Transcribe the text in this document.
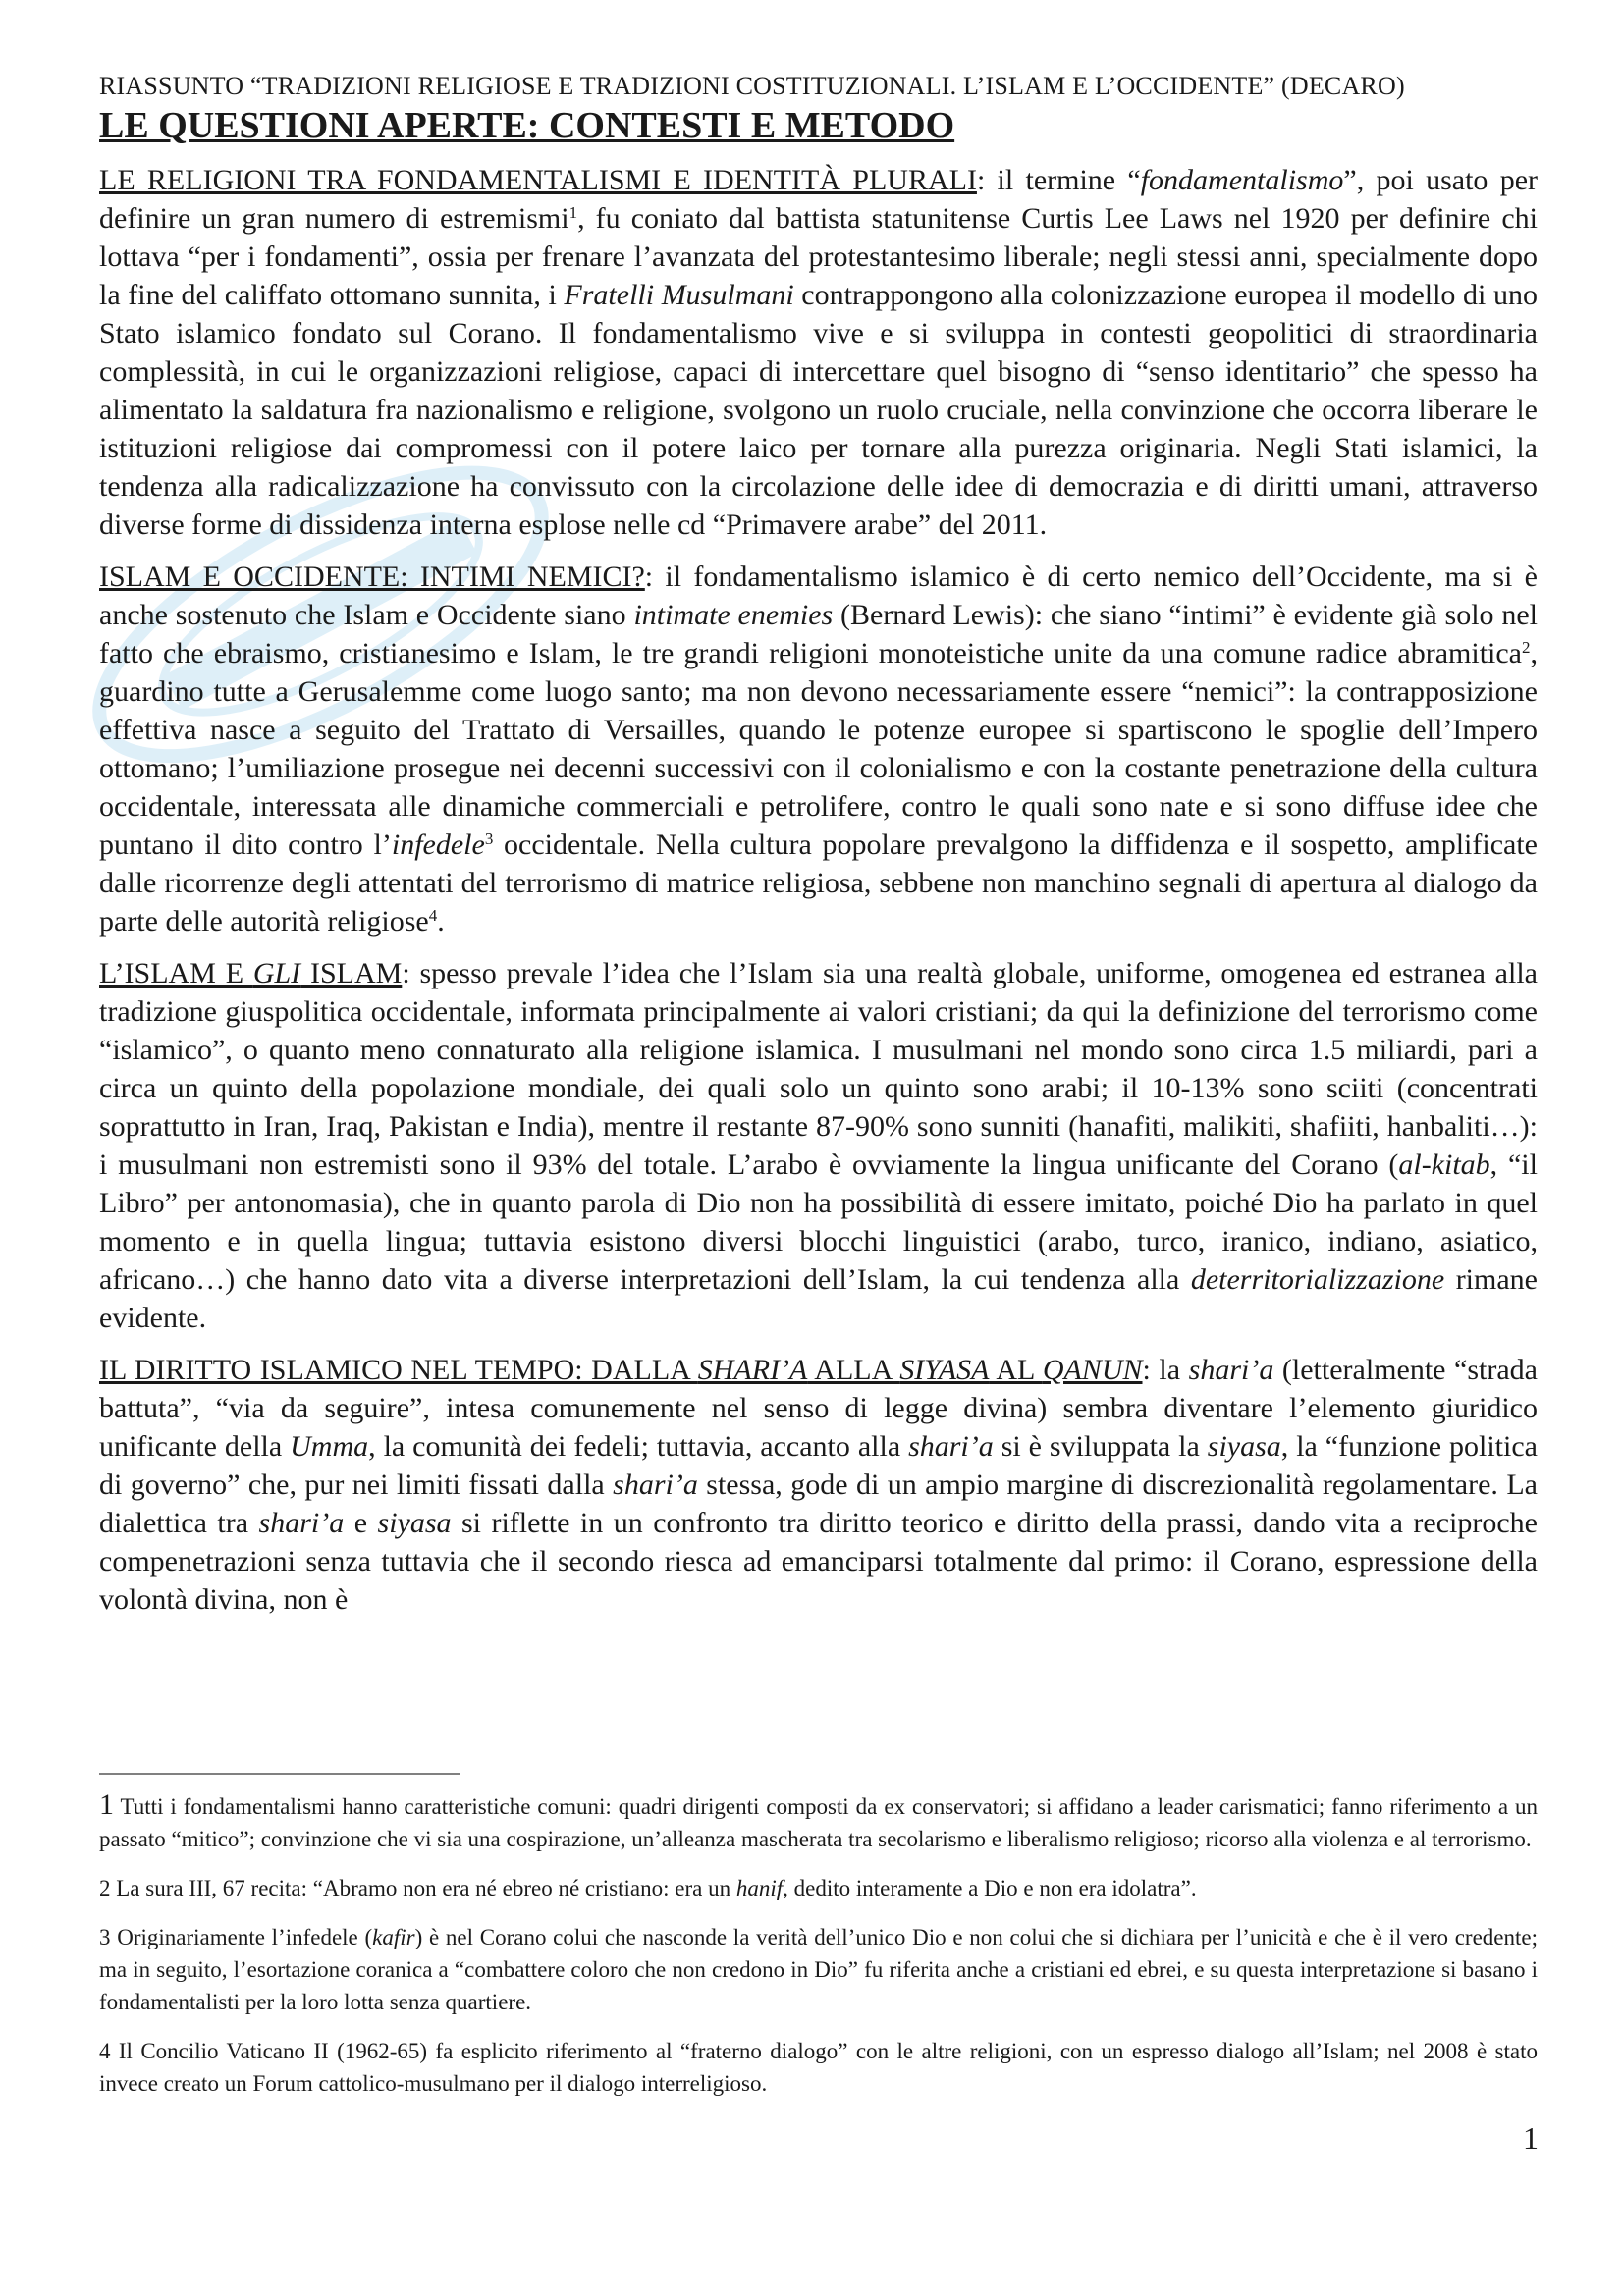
RIASSUNTO “TRADIZIONI RELIGIOSE E TRADIZIONI COSTITUZIONALI. L’ISLAM E L’OCCIDENTE” (DECARO)
LE QUESTIONI APERTE: CONTESTI E METODO

LE RELIGIONI TRA FONDAMENTALISMI E IDENTITÀ PLURALI: il termine “fondamentalismo”, poi usato per definire un gran numero di estremismi$^1$, fu coniato dal battista statunitense Curtis Lee Laws nel 1920 per definire chi lottava “per i fondamenti”, ossia per frenare l’avanzata del protestantesimo liberale; negli stessi anni, specialmente dopo la fine del califfato ottomano sunnita, i Fratelli Musulmani contrappongono alla colonizzazione europea il modello di uno Stato islamico fondato sul Corano. Il fondamentalismo vive e si sviluppa in contesti geopolitici di straordinaria complessità, in cui le organizzazioni religiose, capaci di intercettare quel bisogno di “senso identitario” che spesso ha alimentato la saldatura fra nazionalismo e religione, svolgono un ruolo cruciale, nella convinzione che occorra liberare le istituzioni religiose dai compromessi con il potere laico per tornare alla purezza originaria. Negli Stati islamici, la tendenza alla radicalizzazione ha convissuto con la circolazione delle idee di democrazia e di diritti umani, attraverso diverse forme di dissidenza interna esplose nelle cd “Primavere arabe” del 2011.

ISLAM E OCCIDENTE: INTIMI NEMICI?: il fondamentalismo islamico è di certo nemico dell’Occidente, ma si è anche sostenuto che Islam e Occidente siano intimate enemies (Bernard Lewis): che siano “intimi” è evidente già solo nel fatto che ebraismo, cristianesimo e Islam, le tre grandi religioni monoteistiche unite da una comune radice abramitica$^2$, guardino tutte a Gerusalemme come luogo santo; ma non devono necessariamente essere “nemici”: la contrapposizione effettiva nasce a seguito del Trattato di Versailles, quando le potenze europee si spartiscono le spoglie dell’Impero ottomano; l’umiliazione prosegue nei decenni successivi con il colonialismo e con la costante penetrazione della cultura occidentale, interessata alle dinamiche commerciali e petrolifere, contro le quali sono nate e si sono diffuse idee che puntano il dito contro l’infedele$^3$ occidentale. Nella cultura popolare prevalgono la diffidenza e il sospetto, amplificate dalle ricorrenze degli attentati del terrorismo di matrice religiosa, sebbene non manchino segnali di apertura al dialogo da parte delle autorità religiose$^4$.

L’ISLAM E GLI ISLAM: spesso prevale l’idea che l’Islam sia una realtà globale, uniforme, omogenea ed estranea alla tradizione giuspolitica occidentale, informata principalmente ai valori cristiani; da qui la definizione del terrorismo come “islamico”, o quanto meno connaturato alla religione islamica. I musulmani nel mondo sono circa 1.5 miliardi, pari a circa un quinto della popolazione mondiale, dei quali solo un quinto sono arabi; il 10-13% sono sciiti (concentrati soprattutto in Iran, Iraq, Pakistan e India), mentre il restante 87-90% sono sunniti (hanafiti, malikiti, shafiiti, hanbaliti…): i musulmani non estremisti sono il 93% del totale. L’arabo è ovviamente la lingua unificante del Corano (al-kitab, “il Libro” per antonomasia), che in quanto parola di Dio non ha possibilità di essere imitato, poiché Dio ha parlato in quel momento e in quella lingua; tuttavia esistono diversi blocchi linguistici (arabo, turco, iranico, indiano, asiatico, africano…) che hanno dato vita a diverse interpretazioni dell’Islam, la cui tendenza alla deterritorializzazione rimane evidente.

IL DIRITTO ISLAMICO NEL TEMPO: DALLA SHARI’A ALLA SIYASA AL QANUN: la shari’a (letteralmente “strada battuta”, “via da seguire”, intesa comunemente nel senso di legge divina) sembra diventare l’elemento giuridico unificante della Umma, la comunità dei fedeli; tuttavia, accanto alla shari’a si è sviluppata la siyasa, la “funzione politica di governo” che, pur nei limiti fissati dalla shari’a stessa, gode di un ampio margine di discrezionalità regolamentare. La dialettica tra shari’a e siyasa si riflette in un confronto tra diritto teorico e diritto della prassi, dando vita a reciproche compenetrazioni senza tuttavia che il secondo riesca ad emanciparsi totalmente dal primo: il Corano, espressione della volontà divina, non è

1 Tutti i fondamentalismi hanno caratteristiche comuni: quadri dirigenti composti da ex conservatori; si affidano a leader carismatici; fanno riferimento a un passato “mitico”; convinzione che vi sia una cospirazione, un’alleanza mascherata tra secolarismo e liberalismo religioso; ricorso alla violenza e al terrorismo.

2 La sura III, 67 recita: “Abramo non era né ebreo né cristiano: era un hanif, dedito interamente a Dio e non era idolatra”.

3 Originariamente l’infedele (kafir) è nel Corano colui che nasconde la verità dell’unico Dio e non colui che si dichiara per l’unicità e che è il vero credente; ma in seguito, l’esortazione coranica a “combattere coloro che non credono in Dio” fu riferita anche a cristiani ed ebrei, e su questa interpretazione si basano i fondamentalisti per la loro lotta senza quartiere.

4 Il Concilio Vaticano II (1962-65) fa esplicito riferimento al “fraterno dialogo” con le altre religioni, con un espresso dialogo all’Islam; nel 2008 è stato invece creato un Forum cattolico-musulmano per il dialogo interreligioso.

1
